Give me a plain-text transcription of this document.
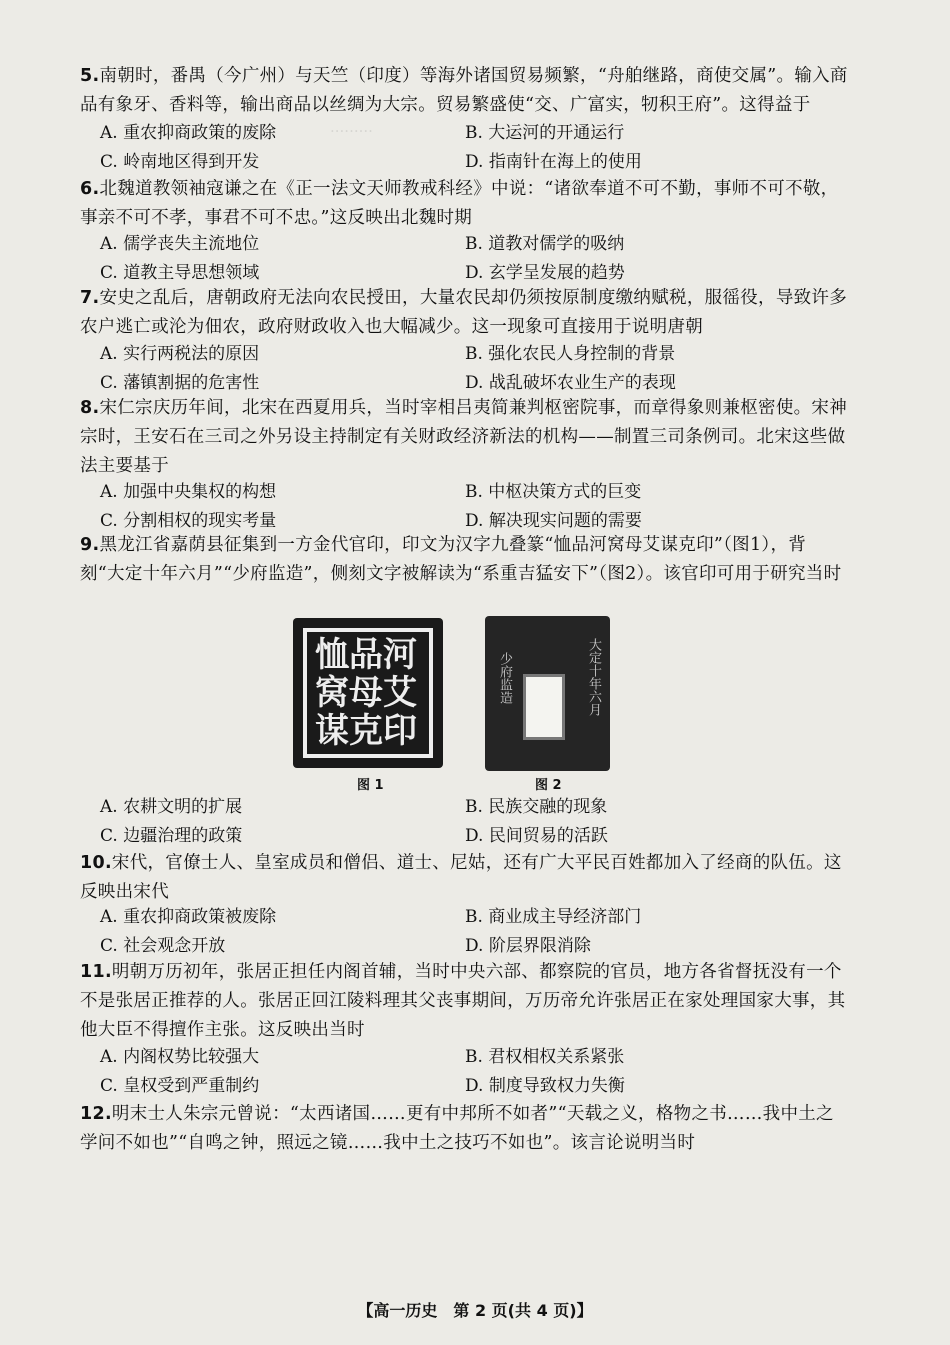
·········
5.南朝时，番禺（今广州）与天竺（印度）等海外诸国贸易频繁，“舟舶继路，商使交属”。输入商品有象牙、香料等，输出商品以丝绸为大宗。贸易繁盛使“交、广富实，牣积王府”。这得益于
A. 重农抑商政策的废除	B. 大运河的开通运行
C. 岭南地区得到开发	D. 指南针在海上的使用
6.北魏道教领袖寇谦之在《正一法文天师教戒科经》中说：“诸欲奉道不可不勤，事师不可不敬，事亲不可不孝，事君不可不忠。”这反映出北魏时期
A. 儒学丧失主流地位	B. 道教对儒学的吸纳
C. 道教主导思想领域	D. 玄学呈发展的趋势
7.安史之乱后，唐朝政府无法向农民授田，大量农民却仍须按原制度缴纳赋税，服徭役，导致许多农户逃亡或沦为佃农，政府财政收入也大幅减少。这一现象可直接用于说明唐朝
A. 实行两税法的原因	B. 强化农民人身控制的背景
C. 藩镇割据的危害性	D. 战乱破坏农业生产的表现
8.宋仁宗庆历年间，北宋在西夏用兵，当时宰相吕夷简兼判枢密院事，而章得象则兼枢密使。宋神宗时，王安石在三司之外另设主持制定有关财政经济新法的机构——制置三司条例司。北宋这些做法主要基于
A. 加强中央集权的构想	B. 中枢决策方式的巨变
C. 分割相权的现实考量	D. 解决现实问题的需要
9.黑龙江省嘉荫县征集到一方金代官印，印文为汉字九叠篆“恤品河窝母艾谋克印”（图1），背刻“大定十年六月”“少府监造”，侧刻文字被解读为“系重吉猛安下”（图2）。该官印可用于研究当时
恤 品 河
窝 母 艾
谋 克 印
大定十年六月
少府监造
图 1	图 2
A. 农耕文明的扩展	B. 民族交融的现象
C. 边疆治理的政策	D. 民间贸易的活跃
10.宋代，官僚士人、皇室成员和僧侣、道士、尼姑，还有广大平民百姓都加入了经商的队伍。这反映出宋代
A. 重农抑商政策被废除	B. 商业成主导经济部门
C. 社会观念开放	D. 阶层界限消除
11.明朝万历初年，张居正担任内阁首辅，当时中央六部、都察院的官员，地方各省督抚没有一个不是张居正推荐的人。张居正回江陵料理其父丧事期间，万历帝允许张居正在家处理国家大事，其他大臣不得擅作主张。这反映出当时
A. 内阁权势比较强大	B. 君权相权关系紧张
C. 皇权受到严重制约	D. 制度导致权力失衡
12.明末士人朱宗元曾说：“太西诸国……更有中邦所不如者”“天载之义，格物之书……我中土之学问不如也”“自鸣之钟，照远之镜……我中土之技巧不如也”。该言论说明当时
【高一历史　第 2 页(共 4 页)】
